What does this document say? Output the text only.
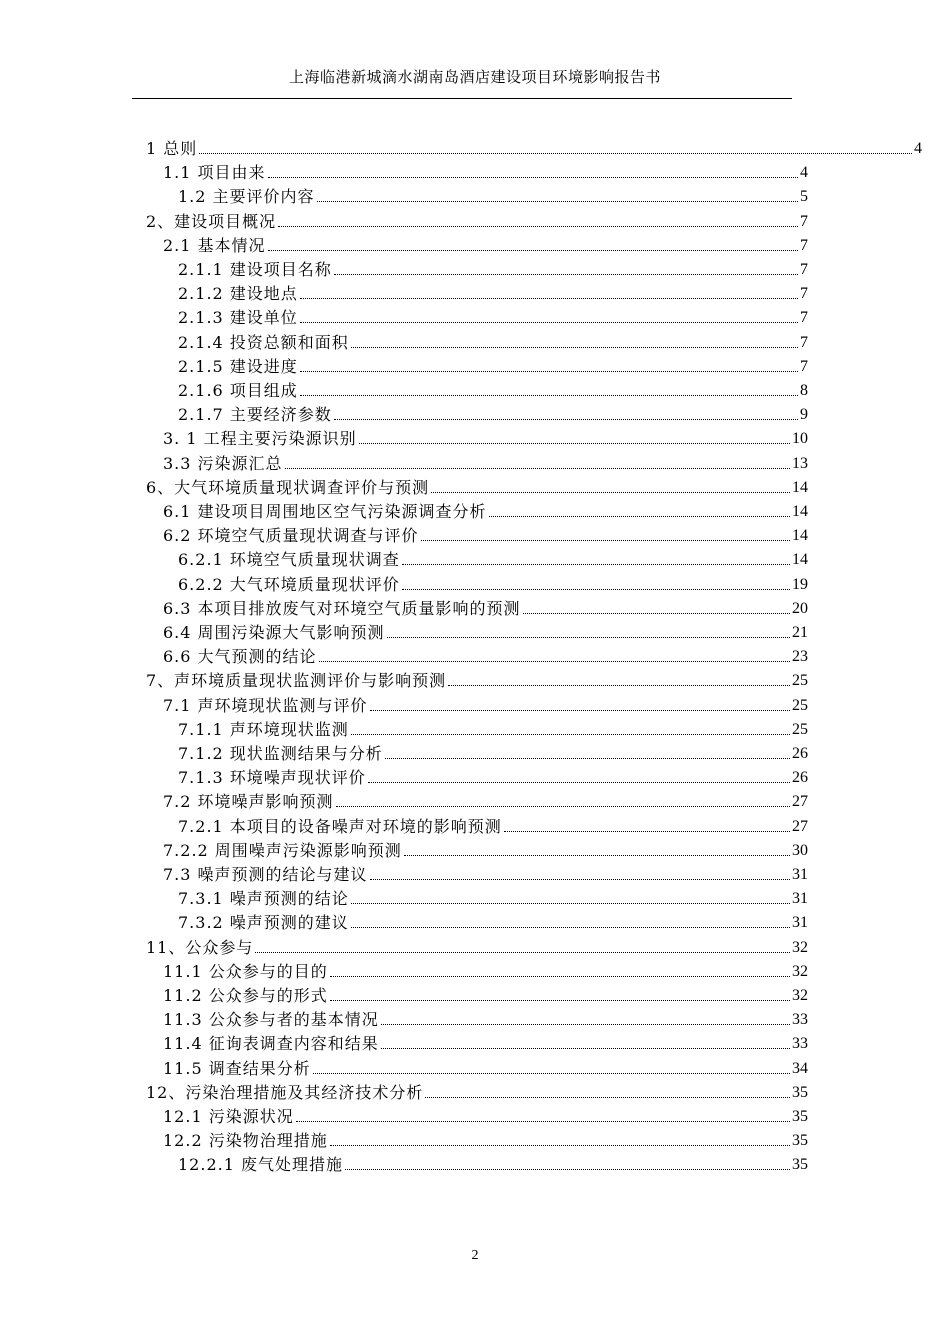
上海临港新城滴水湖南岛酒店建设项目环境影响报告书
1 总则	4
1.1 项目由来	4
1.2 主要评价内容	5
2、建设项目概况	7
2.1 基本情况	7
2.1.1 建设项目名称	7
2.1.2 建设地点	7
2.1.3 建设单位	7
2.1.4 投资总额和面积	7
2.1.5 建设进度	7
2.1.6 项目组成	8
2.1.7 主要经济参数	9
3. 1 工程主要污染源识别	10
3.3 污染源汇总	13
6、大气环境质量现状调查评价与预测	14
6.1 建设项目周围地区空气污染源调查分析	14
6.2 环境空气质量现状调查与评价	14
6.2.1 环境空气质量现状调查	14
6.2.2 大气环境质量现状评价	19
6.3 本项目排放废气对环境空气质量影响的预测	20
6.4 周围污染源大气影响预测	21
6.6 大气预测的结论	23
7、声环境质量现状监测评价与影响预测	25
7.1 声环境现状监测与评价	25
7.1.1 声环境现状监测	25
7.1.2 现状监测结果与分析	26
7.1.3 环境噪声现状评价	26
7.2 环境噪声影响预测	27
7.2.1 本项目的设备噪声对环境的影响预测	27
7.2.2 周围噪声污染源影响预测	30
7.3 噪声预测的结论与建议	31
7.3.1 噪声预测的结论	31
7.3.2 噪声预测的建议	31
11、公众参与	32
11.1 公众参与的目的	32
11.2 公众参与的形式	32
11.3 公众参与者的基本情况	33
11.4 征询表调查内容和结果	33
11.5 调查结果分析	34
12、污染治理措施及其经济技术分析	35
12.1 污染源状况	35
12.2 污染物治理措施	35
12.2.1 废气处理措施	35
2
